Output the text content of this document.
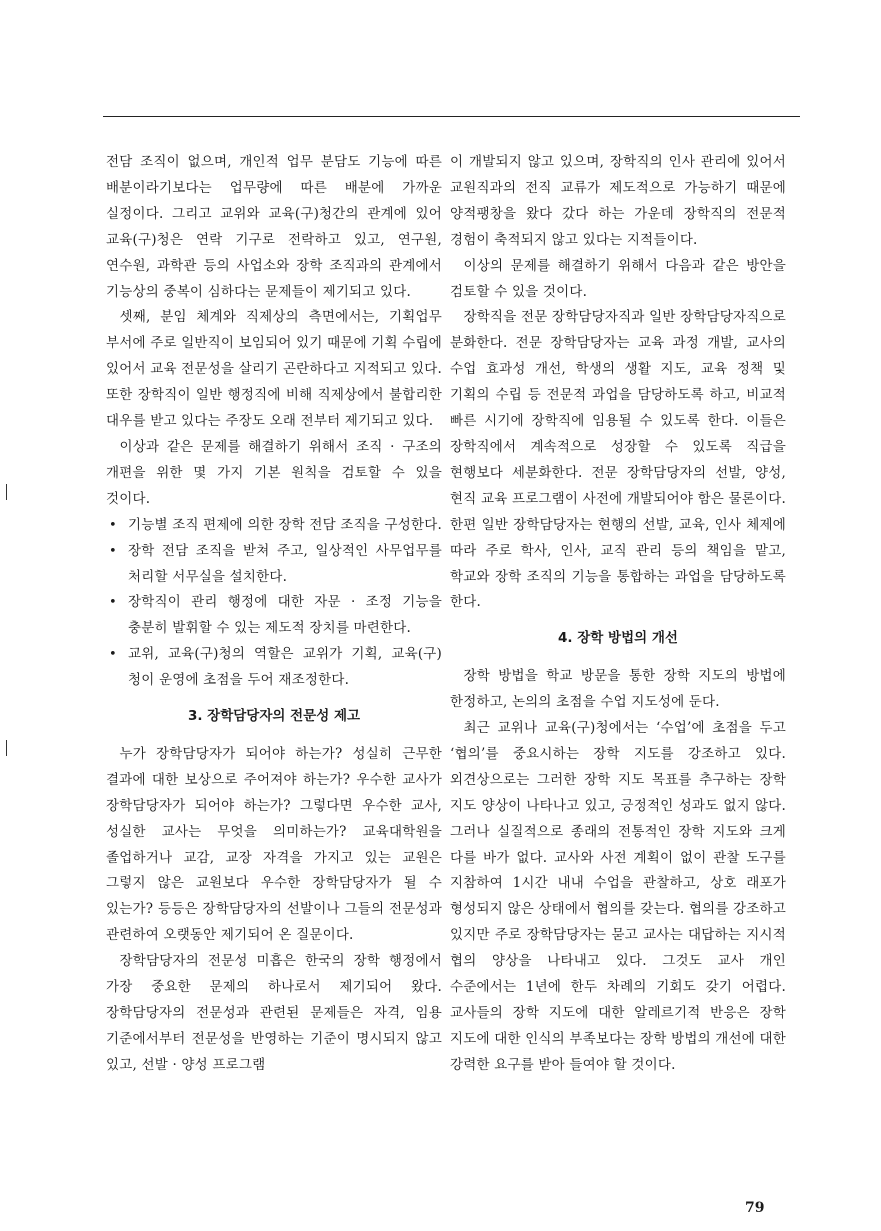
전담 조직이 없으며, 개인적 업무 분담도 기능에 따른 배분이라기보다는 업무량에 따른 배분에 가까운 실정이다. 그리고 교위와 교육(구)청간의 관계에 있어 교육(구)청은 연락 기구로 전락하고 있고, 연구원, 연수원, 과학관 등의 사업소와 장학 조직과의 관계에서 기능상의 중복이 심하다는 문제들이 제기되고 있다.

셋째, 분임 체계와 직제상의 측면에서는, 기획업무 부서에 주로 일반직이 보임되어 있기 때문에 기획 수립에 있어서 교육 전문성을 살리기 곤란하다고 지적되고 있다. 또한 장학직이 일반 행정직에 비해 직제상에서 불합리한 대우를 받고 있다는 주장도 오래 전부터 제기되고 있다.

이상과 같은 문제를 해결하기 위해서 조직 · 구조의 개편을 위한 몇 가지 기본 원칙을 검토할 수 있을 것이다.

• 기능별 조직 편제에 의한 장학 전담 조직을 구성한다.
• 장학 전담 조직을 받쳐 주고, 일상적인 사무업무를 처리할 서무실을 설치한다.
• 장학직이 관리 행정에 대한 자문 · 조정 기능을 충분히 발휘할 수 있는 제도적 장치를 마련한다.
• 교위, 교육(구)청의 역할은 교위가 기획, 교육(구)청이 운영에 초점을 두어 재조정한다.
3. 장학담당자의 전문성 제고

누가 장학담당자가 되어야 하는가? 성실히 근무한 결과에 대한 보상으로 주어져야 하는가? 우수한 교사가 장학담당자가 되어야 하는가? 그렇다면 우수한 교사, 성실한 교사는 무엇을 의미하는가? 교육대학원을 졸업하거나 교감, 교장 자격을 가지고 있는 교원은 그렇지 않은 교원보다 우수한 장학담당자가 될 수 있는가? 등등은 장학담당자의 선발이나 그들의 전문성과 관련하여 오랫동안 제기되어 온 질문이다.

장학담당자의 전문성 미흡은 한국의 장학 행정에서 가장 중요한 문제의 하나로서 제기되어 왔다. 장학담당자의 전문성과 관련된 문제들은 자격, 임용 기준에서부터 전문성을 반영하는 기준이 명시되지 않고 있고, 선발 · 양성 프로그램

이 개발되지 않고 있으며, 장학직의 인사 관리에 있어서 교원직과의 전직 교류가 제도적으로 가능하기 때문에 양적팽창을 왔다 갔다 하는 가운데 장학직의 전문적 경험이 축적되지 않고 있다는 지적들이다.

이상의 문제를 해결하기 위해서 다음과 같은 방안을 검토할 수 있을 것이다.

장학직을 전문 장학담당자직과 일반 장학담당자직으로 분화한다. 전문 장학담당자는 교육 과정 개발, 교사의 수업 효과성 개선, 학생의 생활 지도, 교육 정책 및 기획의 수립 등 전문적 과업을 담당하도록 하고, 비교적 빠른 시기에 장학직에 임용될 수 있도록 한다. 이들은 장학직에서 계속적으로 성장할 수 있도록 직급을 현행보다 세분화한다. 전문 장학담당자의 선발, 양성, 현직 교육 프로그램이 사전에 개발되어야 함은 물론이다. 한편 일반 장학담당자는 현행의 선발, 교육, 인사 체제에 따라 주로 학사, 인사, 교직 관리 등의 책임을 맡고, 학교와 장학 조직의 기능을 통합하는 과업을 담당하도록 한다.

4. 장학 방법의 개선

장학 방법을 학교 방문을 통한 장학 지도의 방법에 한정하고, 논의의 초점을 수업 지도성에 둔다.

최근 교위나 교육(구)청에서는 ‘수업’에 초점을 두고 ‘협의’를 중요시하는 장학 지도를 강조하고 있다. 외견상으로는 그러한 장학 지도 목표를 추구하는 장학 지도 양상이 나타나고 있고, 긍정적인 성과도 없지 않다. 그러나 실질적으로 종래의 전통적인 장학 지도와 크게 다를 바가 없다. 교사와 사전 계획이 없이 관찰 도구를 지참하여 1시간 내내 수업을 관찰하고, 상호 래포가 형성되지 않은 상태에서 협의를 갖는다. 협의를 강조하고 있지만 주로 장학담당자는 묻고 교사는 대답하는 지시적 협의 양상을 나타내고 있다. 그것도 교사 개인 수준에서는 1년에 한두 차례의 기회도 갖기 어렵다. 교사들의 장학 지도에 대한 알레르기적 반응은 장학 지도에 대한 인식의 부족보다는 장학 방법의 개선에 대한 강력한 요구를 받아 들여야 할 것이다.

79
